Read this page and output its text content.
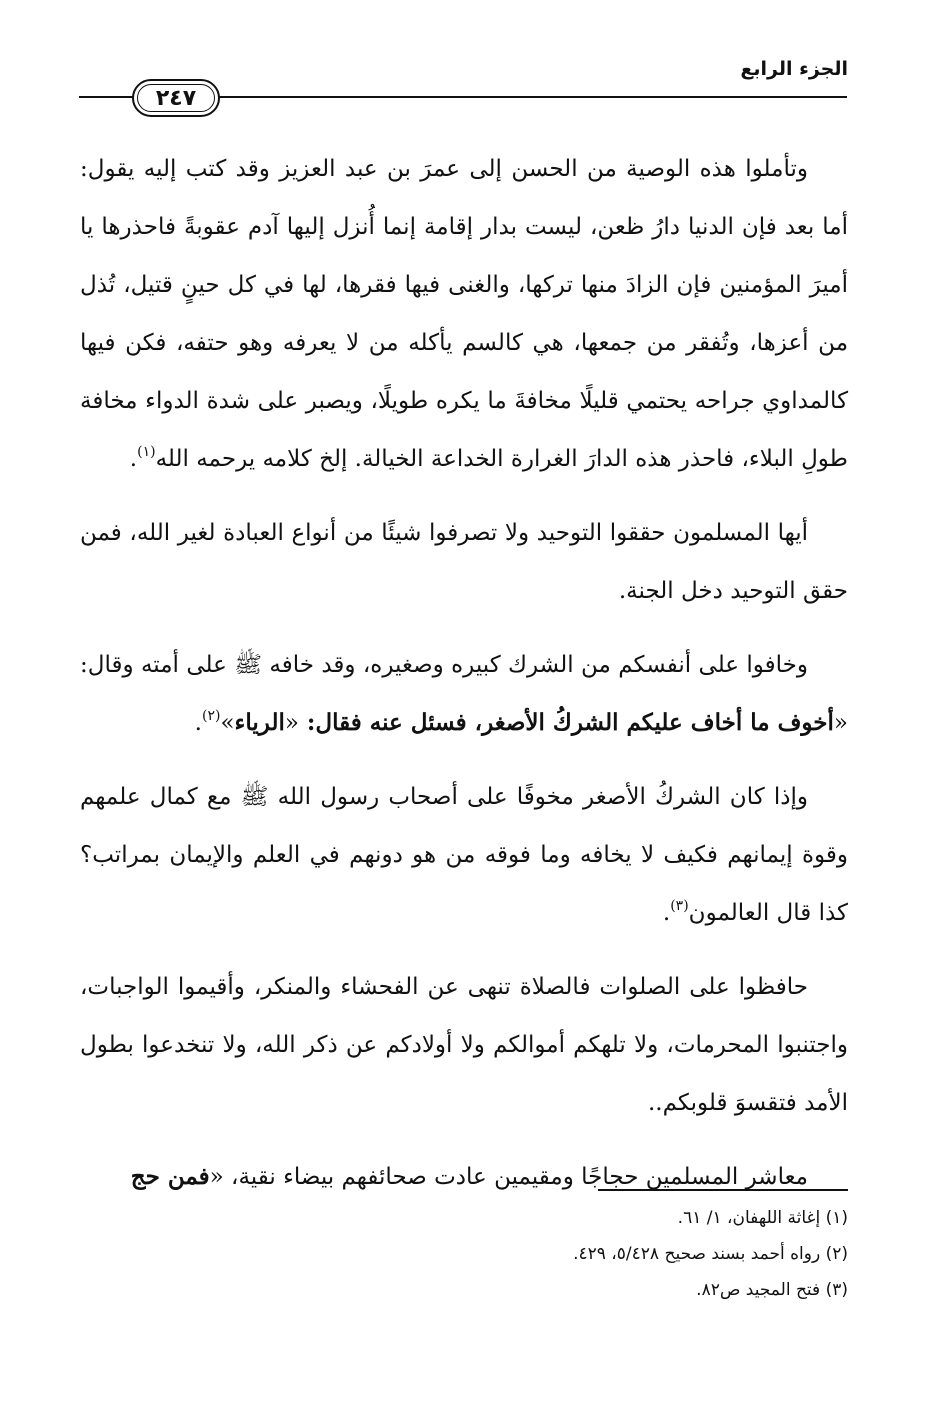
الجزء الرابع
٢٤٧
وتأملوا هذه الوصية من الحسن إلى عمرَ بن عبد العزيز وقد كتب إليه يقول: أما بعد فإن الدنيا دارُ ظعن، ليست بدار إقامة إنما أُنزل إليها آدم عقوبةً فاحذرها يا أميرَ المؤمنين فإن الزادَ منها تركها، والغنى فيها فقرها، لها في كل حينٍ قتيل، تُذل من أعزها، وتُفقر من جمعها، هي كالسم يأكله من لا يعرفه وهو حتفه، فكن فيها كالمداوي جراحه يحتمي قليلًا مخافةَ ما يكره طويلًا، ويصبر على شدة الدواء مخافة طولِ البلاء، فاحذر هذه الدارَ الغرارة الخداعة الخيالة. إلخ كلامه يرحمه الله$^{(١)}$.
أيها المسلمون حققوا التوحيد ولا تصرفوا شيئًا من أنواع العبادة لغير الله، فمن حقق التوحيد دخل الجنة.
وخافوا على أنفسكم من الشرك كبيره وصغيره، وقد خافه ﷺ على أمته وقال: «أخوف ما أخاف عليكم الشركُ الأصغر، فسئل عنه فقال: «الرياء»$^{(٢)}$.
وإذا كان الشركُ الأصغر مخوفًا على أصحاب رسول الله ﷺ مع كمال علمهم وقوة إيمانهم فكيف لا يخافه وما فوقه من هو دونهم في العلم والإيمان بمراتب؟ كذا قال العالمون$^{(٣)}$.
حافظوا على الصلوات فالصلاة تنهى عن الفحشاء والمنكر، وأقيموا الواجبات، واجتنبوا المحرمات، ولا تلهكم أموالكم ولا أولادكم عن ذكر الله، ولا تنخدعوا بطول الأمد فتقسوَ قلوبكم..
معاشر المسلمين حجاجًا ومقيمين عادت صحائفهم بيضاء نقية، «فمن حج
(١) إغاثة اللهفان، ١/ ٦١.
(٢) رواه أحمد بسند صحيح ٥/٤٢٨، ٤٢٩.
(٣) فتح المجيد ص٨٢.
